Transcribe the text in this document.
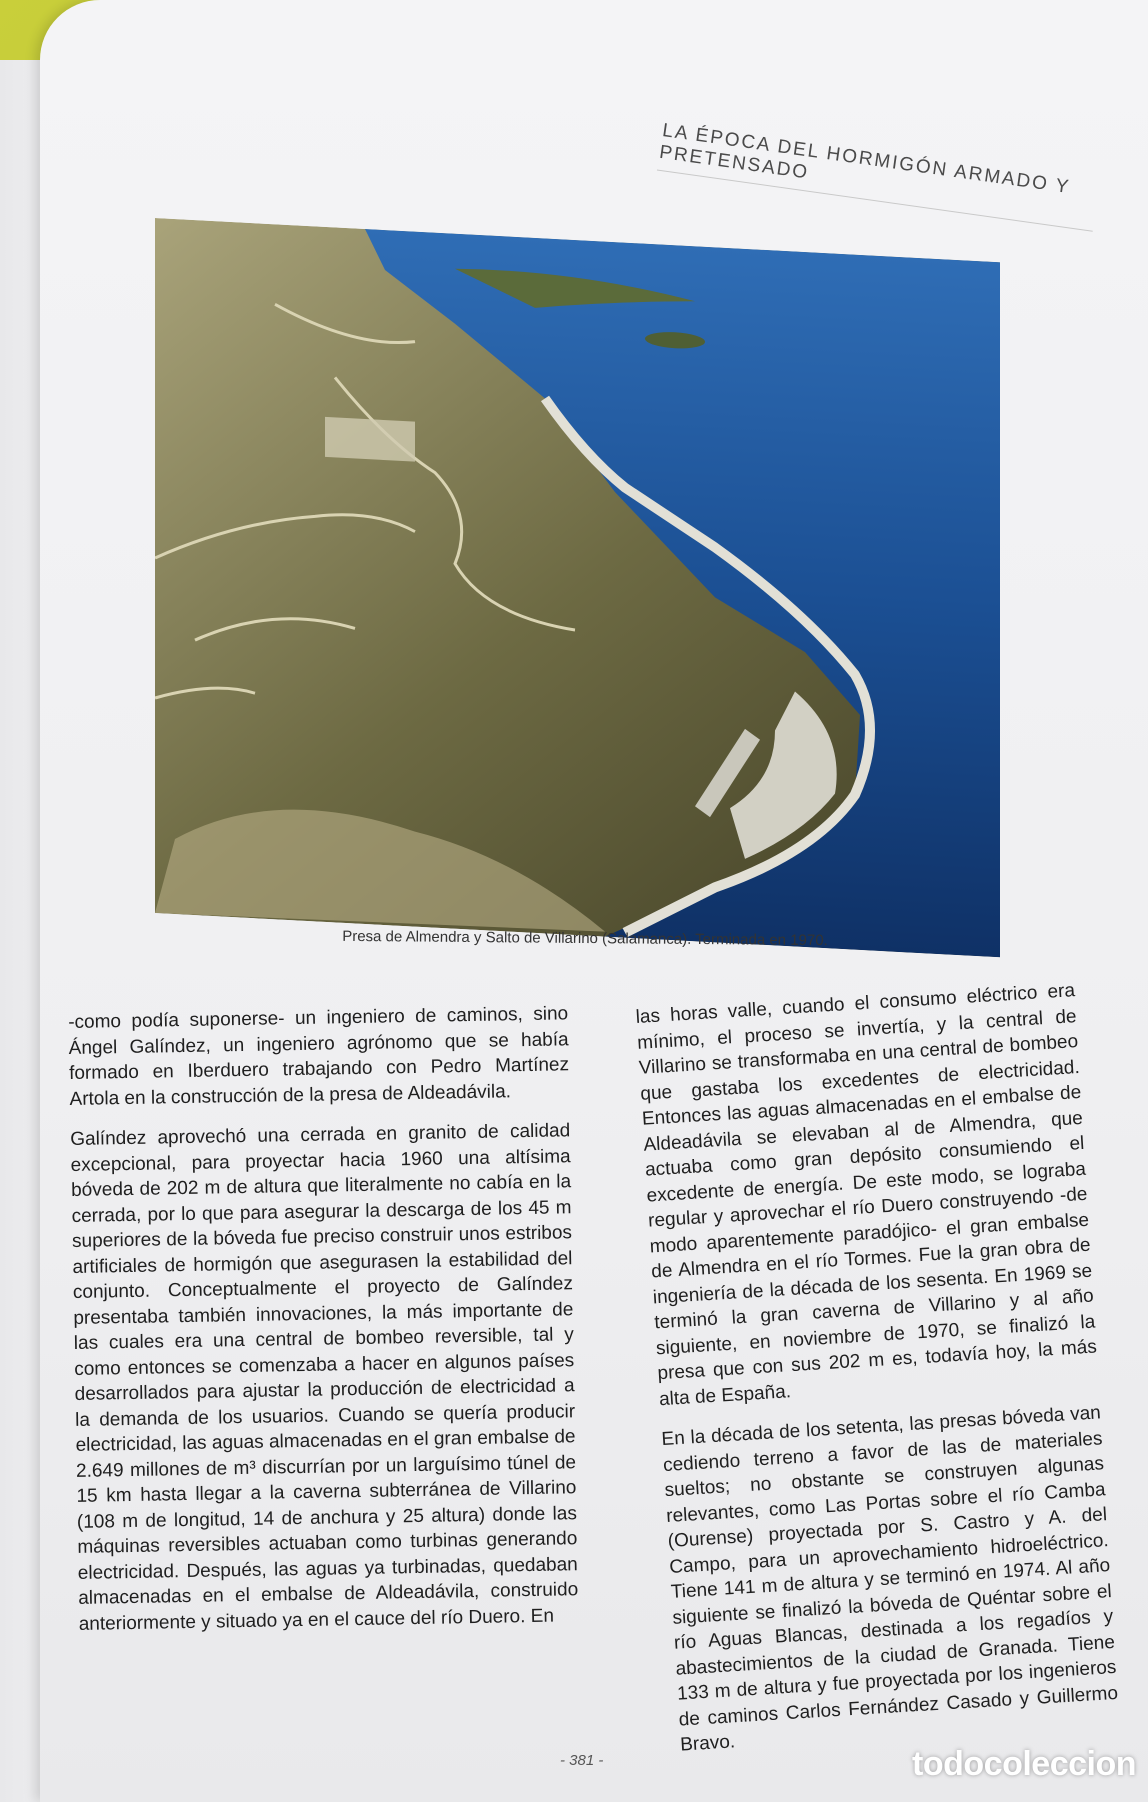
LA ÉPOCA DEL HORMIGÓN ARMADO Y PRETENSADO
Presa de Almendra y Salto de Villarino (Salamanca). Terminada en 1970.

-como podía suponerse- un ingeniero de caminos, sino Ángel Galíndez, un ingeniero agrónomo que se había formado en Iberduero trabajando con Pedro Martínez Artola en la construcción de la presa de Aldeadávila.

Galíndez aprovechó una cerrada en granito de calidad excepcional, para proyectar hacia 1960 una altísima bóveda de 202 m de altura que literalmente no cabía en la cerrada, por lo que para asegurar la descarga de los 45 m superiores de la bóveda fue preciso construir unos estribos artificiales de hormigón que asegurasen la estabilidad del conjunto. Conceptualmente el proyecto de Galíndez presentaba también innovaciones, la más importante de las cuales era una central de bombeo reversible, tal y como entonces se comenzaba a hacer en algunos países desarrollados para ajustar la producción de electricidad a la demanda de los usuarios. Cuando se quería producir electricidad, las aguas almacenadas en el gran embalse de 2.649 millones de m³ discurrían por un larguísimo túnel de 15 km hasta llegar a la caverna subterránea de Villarino (108 m de longitud, 14 de anchura y 25 altura) donde las máquinas reversibles actuaban como turbinas generando electricidad. Después, las aguas ya turbinadas, quedaban almacenadas en el embalse de Aldeadávila, construido anteriormente y situado ya en el cauce del río Duero. En

las horas valle, cuando el consumo eléctrico era mínimo, el proceso se invertía, y la central de Villarino se transformaba en una central de bombeo que gastaba los excedentes de electricidad. Entonces las aguas almacenadas en el embalse de Aldeadávila se elevaban al de Almendra, que actuaba como gran depósito consumiendo el excedente de energía. De este modo, se lograba regular y aprovechar el río Duero construyendo -de modo aparentemente paradójico- el gran embalse de Almendra en el río Tormes. Fue la gran obra de ingeniería de la década de los sesenta. En 1969 se terminó la gran caverna de Villarino y al año siguiente, en noviembre de 1970, se finalizó la presa que con sus 202 m es, todavía hoy, la más alta de España.

En la década de los setenta, las presas bóveda van cediendo terreno a favor de las de materiales sueltos; no obstante se construyen algunas relevantes, como Las Portas sobre el río Camba (Ourense) proyectada por S. Castro y A. del Campo, para un aprovechamiento hidroeléctrico. Tiene 141 m de altura y se terminó en 1974. Al año siguiente se finalizó la bóveda de Quéntar sobre el río Aguas Blancas, destinada a los regadíos y abastecimientos de la ciudad de Granada. Tiene 133 m de altura y fue proyectada por los ingenieros de caminos Carlos Fernández Casado y Guillermo Bravo.

- 381 -	todocoleccion
